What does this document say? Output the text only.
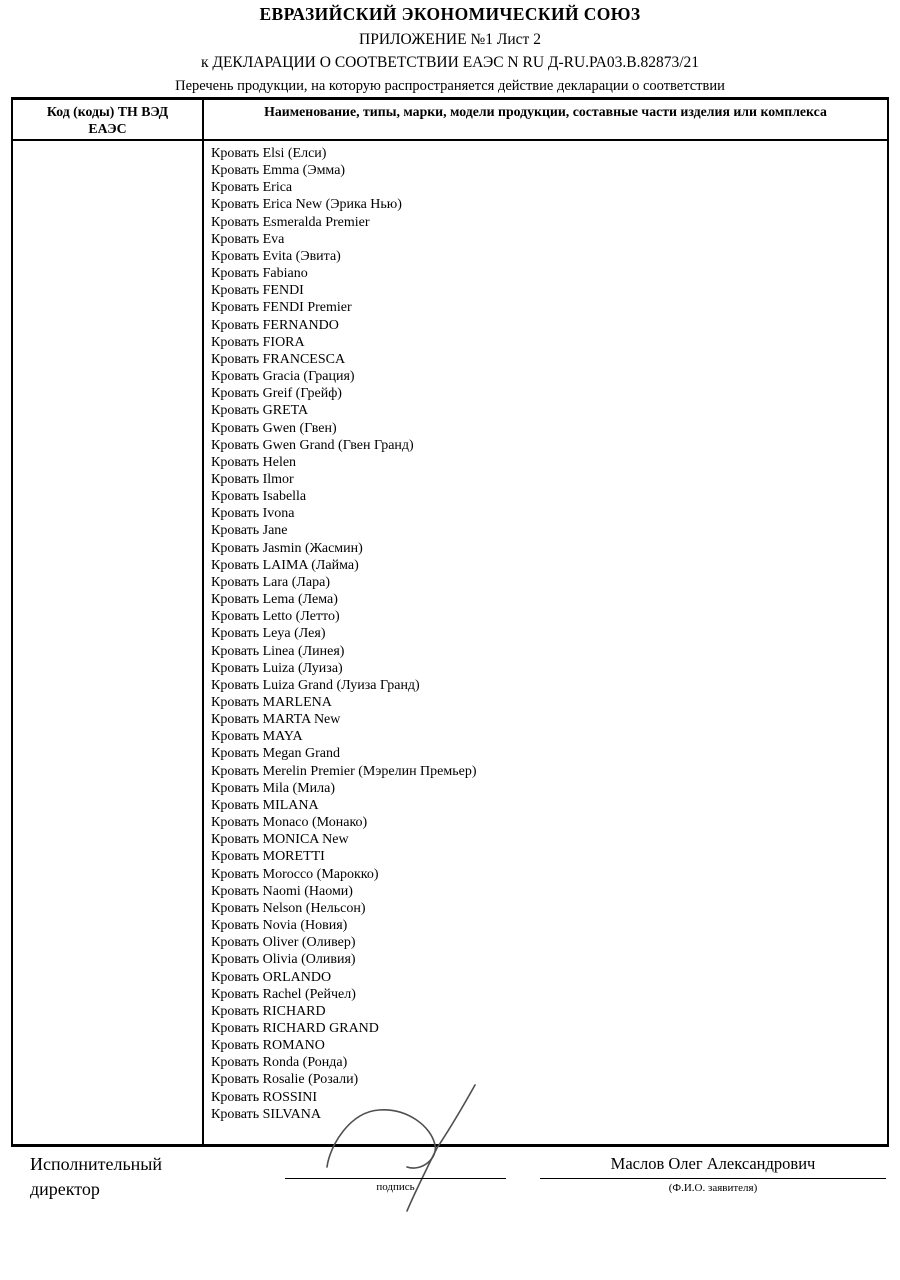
ЕВРАЗИЙСКИЙ ЭКОНОМИЧЕСКИЙ СОЮЗ
ПРИЛОЖЕНИЕ №1 Лист 2
к ДЕКЛАРАЦИИ О СООТВЕТСТВИИ ЕАЭС N RU Д-RU.РА03.В.82873/21
Перечень продукции, на которую распространяется действие декларации о соответствии
Код (коды) ТН ВЭД ЕАЭС
Наименование, типы, марки, модели продукции, составные части изделия или комплекса
Кровать Elsi (Елси)
Кровать Emma (Эмма)
Кровать Erica
Кровать Erica New (Эрика Нью)
Кровать Esmeralda Premier
Кровать Eva
Кровать Evita (Эвита)
Кровать Fabiano
Кровать FENDI
Кровать FENDI Premier
Кровать FERNANDO
Кровать FIORA
Кровать FRANCESCA
Кровать Gracia (Грация)
Кровать Greif (Грейф)
Кровать GRETA
Кровать Gwen (Гвен)
Кровать Gwen Grand (Гвен Гранд)
Кровать Helen
Кровать Ilmor
Кровать Isabella
Кровать Ivona
Кровать Jane
Кровать Jasmin (Жасмин)
Кровать LAIMA (Лайма)
Кровать Lara (Лара)
Кровать Lema (Лема)
Кровать Letto (Летто)
Кровать Leya (Лея)
Кровать Linea (Линея)
Кровать Luiza (Луиза)
Кровать Luiza Grand (Луиза Гранд)
Кровать MARLENA
Кровать MARTA New
Кровать MAYA
Кровать Megan Grand
Кровать Merelin Premier (Мэрелин Премьер)
Кровать Mila (Мила)
Кровать MILANA
Кровать Monaco (Монако)
Кровать MONICA New
Кровать MORETTI
Кровать Morocco (Марокко)
Кровать Naomi (Наоми)
Кровать Nelson (Нельсон)
Кровать Novia (Новия)
Кровать Oliver (Оливер)
Кровать Olivia (Оливия)
Кровать ORLANDO
Кровать Rachel (Рейчел)
Кровать RICHARD
Кровать RICHARD GRAND
Кровать ROMANO
Кровать Ronda (Ронда)
Кровать Rosalie (Розали)
Кровать ROSSINI
Кровать SILVANA
Исполнительный директор	подпись
Маслов Олег Александрович
(Ф.И.О. заявителя)
